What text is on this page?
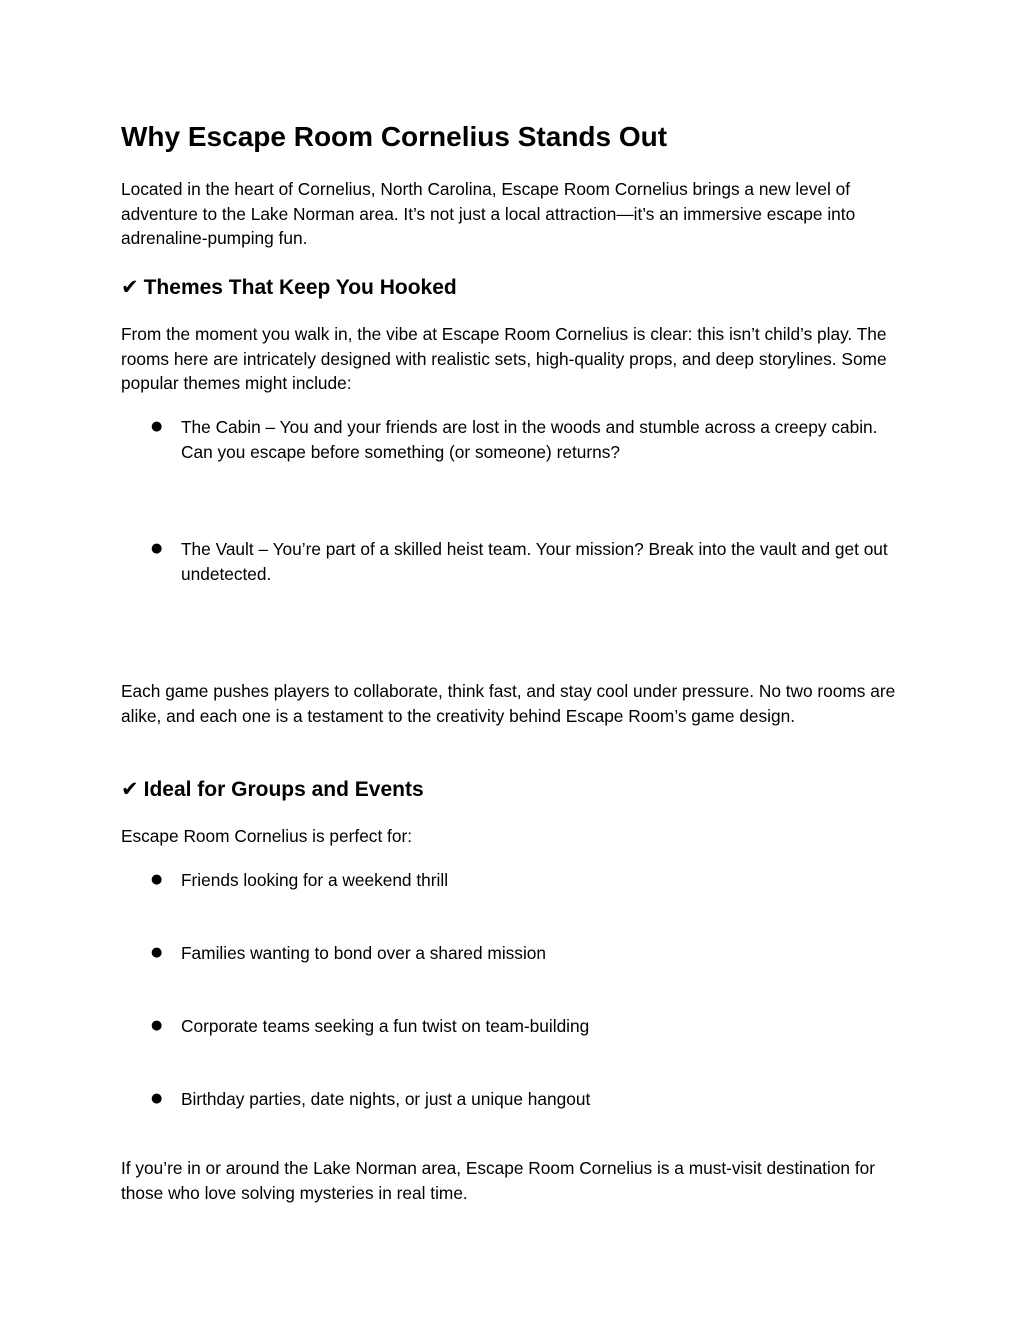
Why Escape Room Cornelius Stands Out

Located in the heart of Cornelius, North Carolina, Escape Room Cornelius brings a new level of adventure to the Lake Norman area. It’s not just a local attraction—it’s an immersive escape into adrenaline-pumping fun.

✔ Themes That Keep You Hooked

From the moment you walk in, the vibe at Escape Room Cornelius is clear: this isn’t child’s play. The rooms here are intricately designed with realistic sets, high-quality props, and deep storylines. Some popular themes might include:

● The Cabin – You and your friends are lost in the woods and stumble across a creepy cabin. Can you escape before something (or someone) returns?
● The Vault – You’re part of a skilled heist team. Your mission? Break into the vault and get out undetected.

Each game pushes players to collaborate, think fast, and stay cool under pressure. No two rooms are alike, and each one is a testament to the creativity behind Escape Room’s game design.

✔ Ideal for Groups and Events

Escape Room Cornelius is perfect for:

● Friends looking for a weekend thrill
● Families wanting to bond over a shared mission
● Corporate teams seeking a fun twist on team-building
● Birthday parties, date nights, or just a unique hangout

If you’re in or around the Lake Norman area, Escape Room Cornelius is a must-visit destination for those who love solving mysteries in real time.
